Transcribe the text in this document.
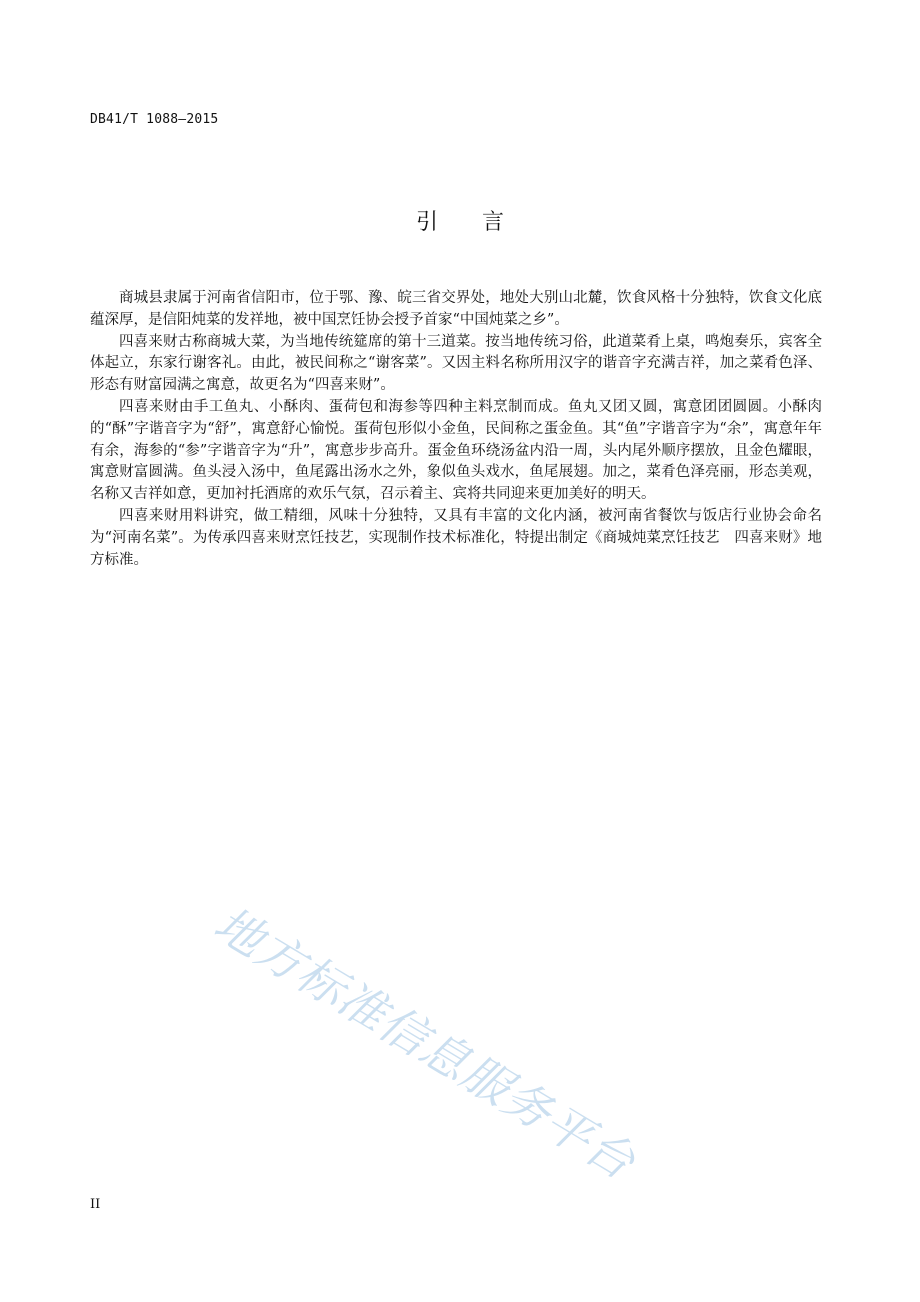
DB41/T 1088—2015
引言

商城县隶属于河南省信阳市，位于鄂、豫、皖三省交界处，地处大别山北麓，饮食风格十分独特，饮食文化底蕴深厚，是信阳炖菜的发祥地，被中国烹饪协会授予首家“中国炖菜之乡”。

四喜来财古称商城大菜，为当地传统筵席的第十三道菜。按当地传统习俗，此道菜肴上桌，鸣炮奏乐，宾客全体起立，东家行谢客礼。由此，被民间称之“谢客菜”。又因主料名称所用汉字的谐音字充满吉祥，加之菜肴色泽、形态有财富园满之寓意，故更名为“四喜来财”。

四喜来财由手工鱼丸、小酥肉、蛋荷包和海参等四种主料烹制而成。鱼丸又团又圆，寓意团团圆圆。小酥肉的“酥”字谐音字为“舒”，寓意舒心愉悦。蛋荷包形似小金鱼，民间称之蛋金鱼。其“鱼”字谐音字为“余”，寓意年年有余，海参的“参”字谐音字为“升”，寓意步步高升。蛋金鱼环绕汤盆内沿一周，头内尾外顺序摆放，且金色耀眼，寓意财富圆满。鱼头浸入汤中，鱼尾露出汤水之外，象似鱼头戏水，鱼尾展翅。加之，菜肴色泽亮丽，形态美观，名称又吉祥如意，更加衬托酒席的欢乐气氛，召示着主、宾将共同迎来更加美好的明天。

四喜来财用料讲究，做工精细，风味十分独特，又具有丰富的文化内涵，被河南省餐饮与饭店行业协会命名为“河南名菜”。为传承四喜来财烹饪技艺，实现制作技术标准化，特提出制定《商城炖菜烹饪技艺　四喜来财》地方标准。

地方标准信息服务平台
II
